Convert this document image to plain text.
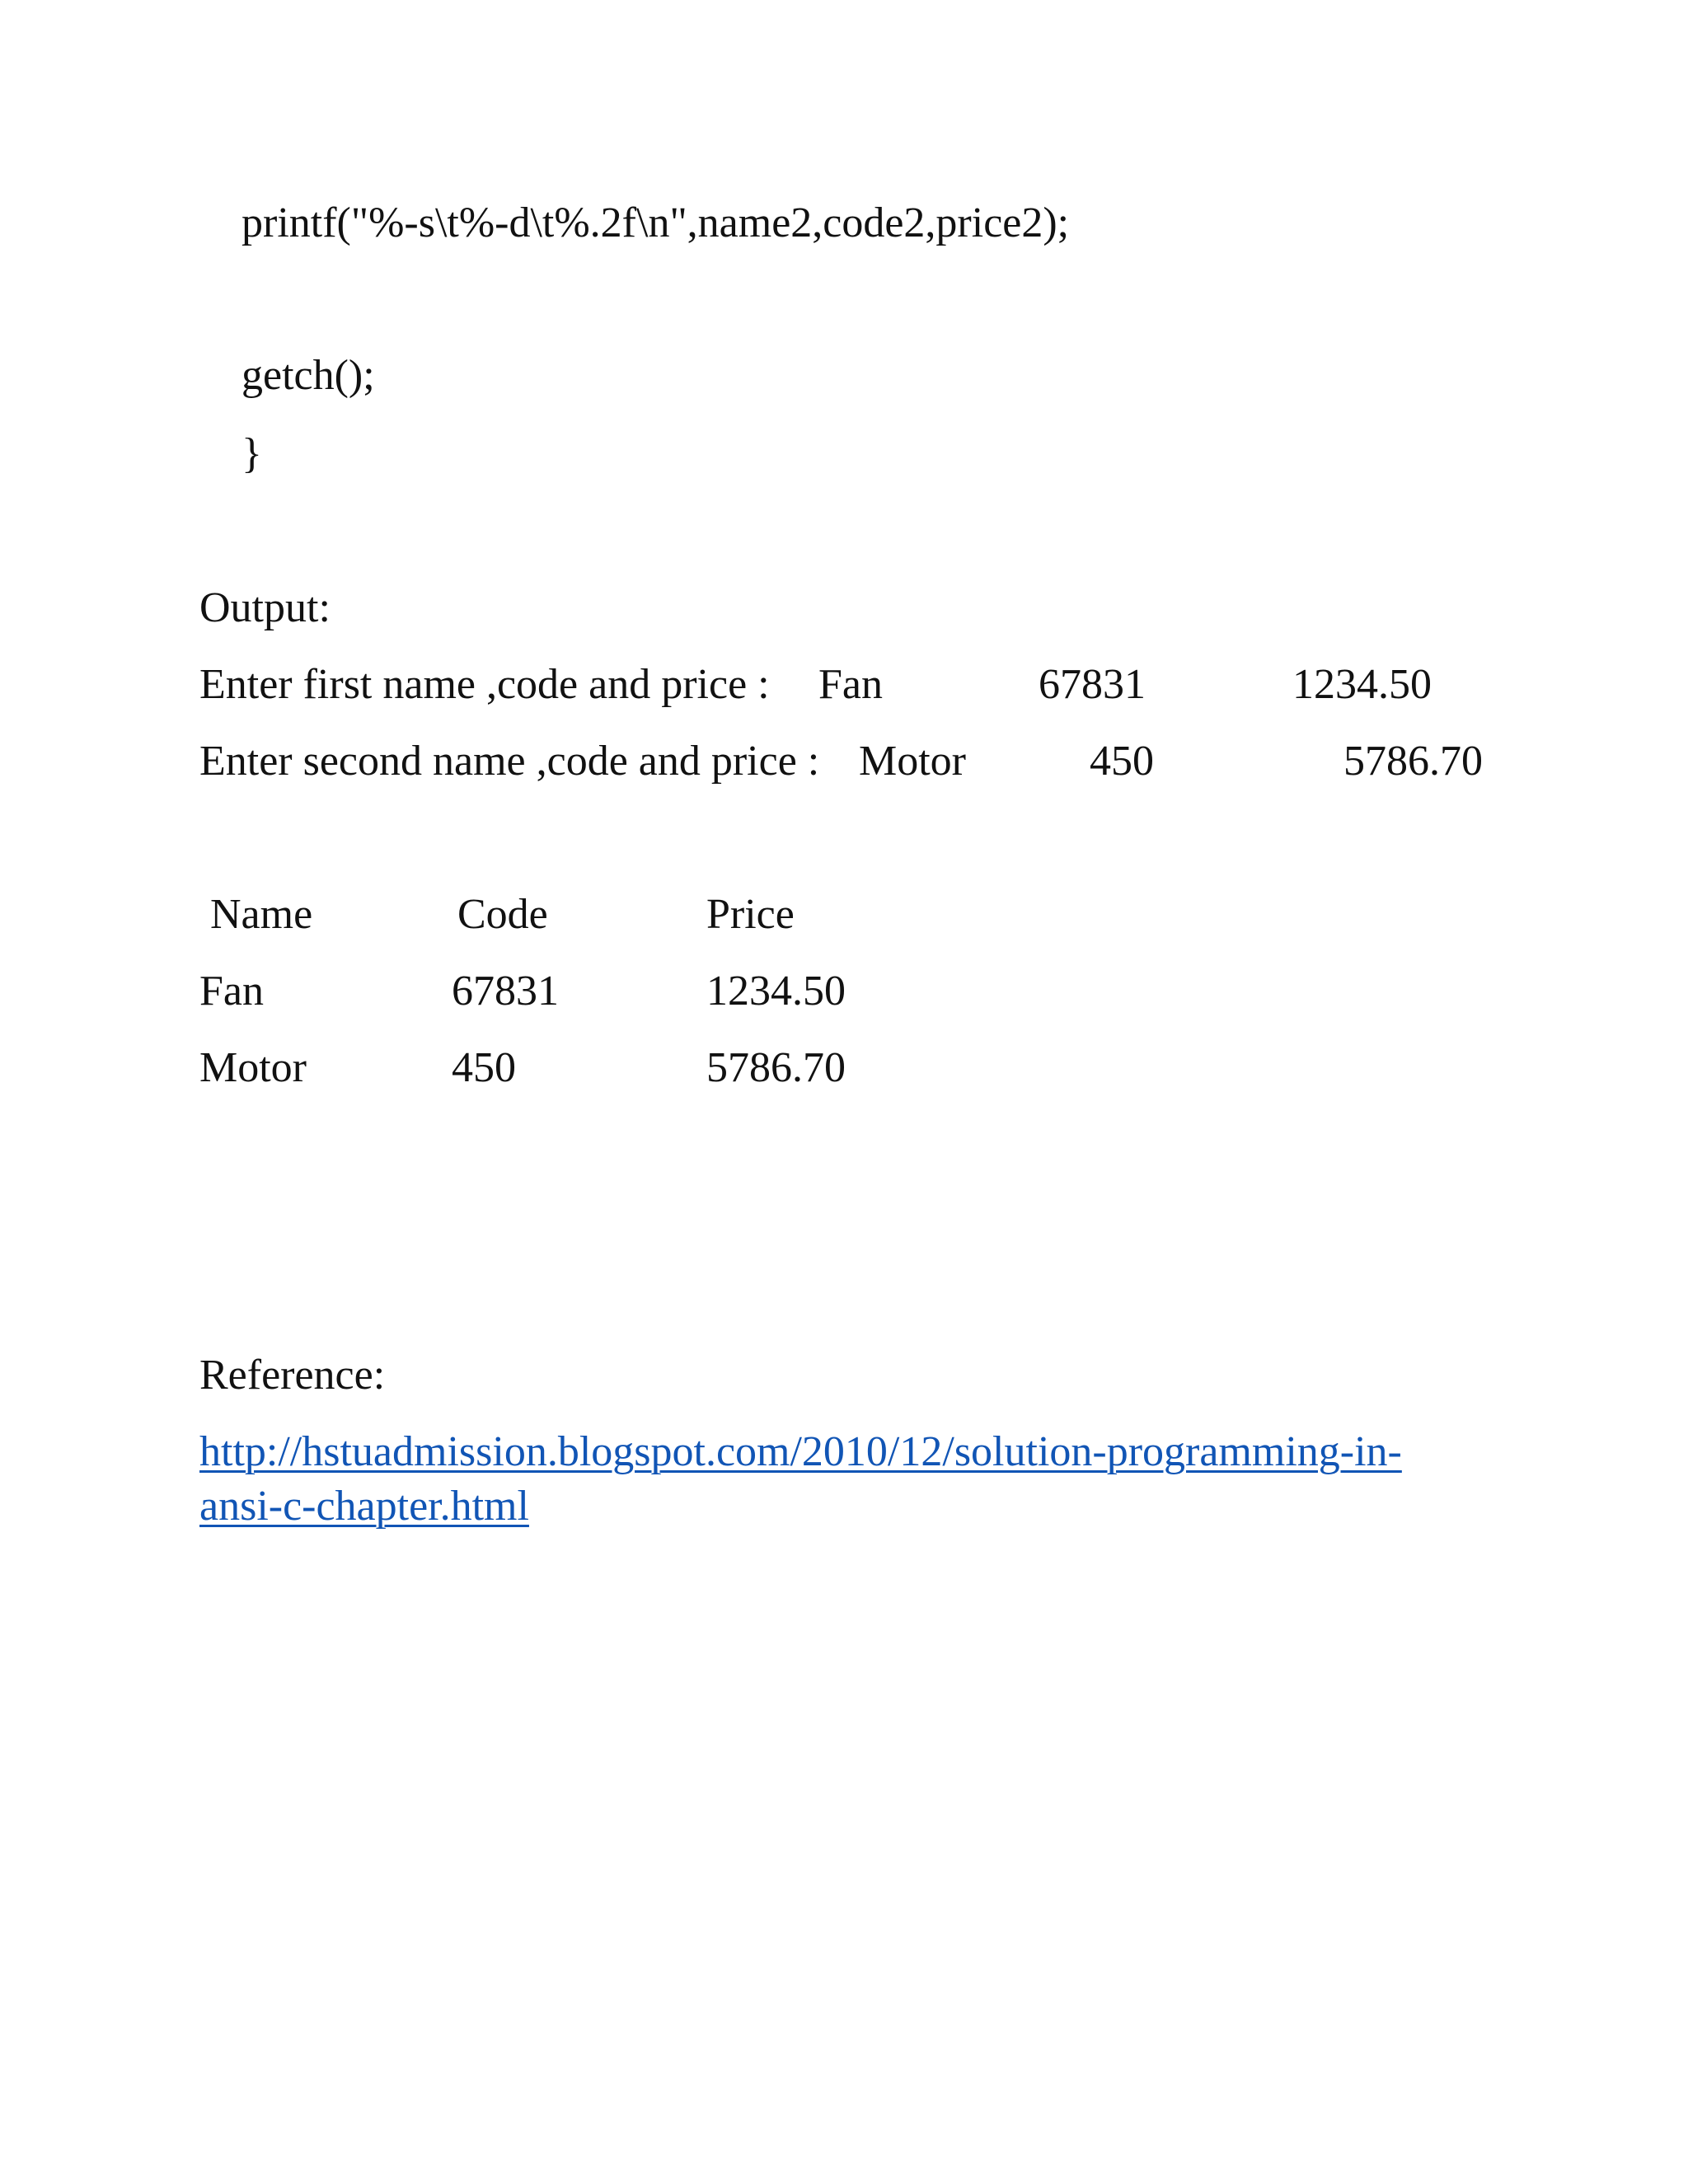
printf("%-s\t%-d\t%.2f\n",name2,code2,price2);
getch();
}
Output:
Enter first name ,code and price : Fan	67831	1234.50
Enter second name ,code and price : Motor	450	5786.70
Name	Code	Price
Fan	67831	1234.50
Motor	450	5786.70
Reference:
http://hstuadmission.blogspot.com/2010/12/solution-programming-in-
ansi-c-chapter.html
